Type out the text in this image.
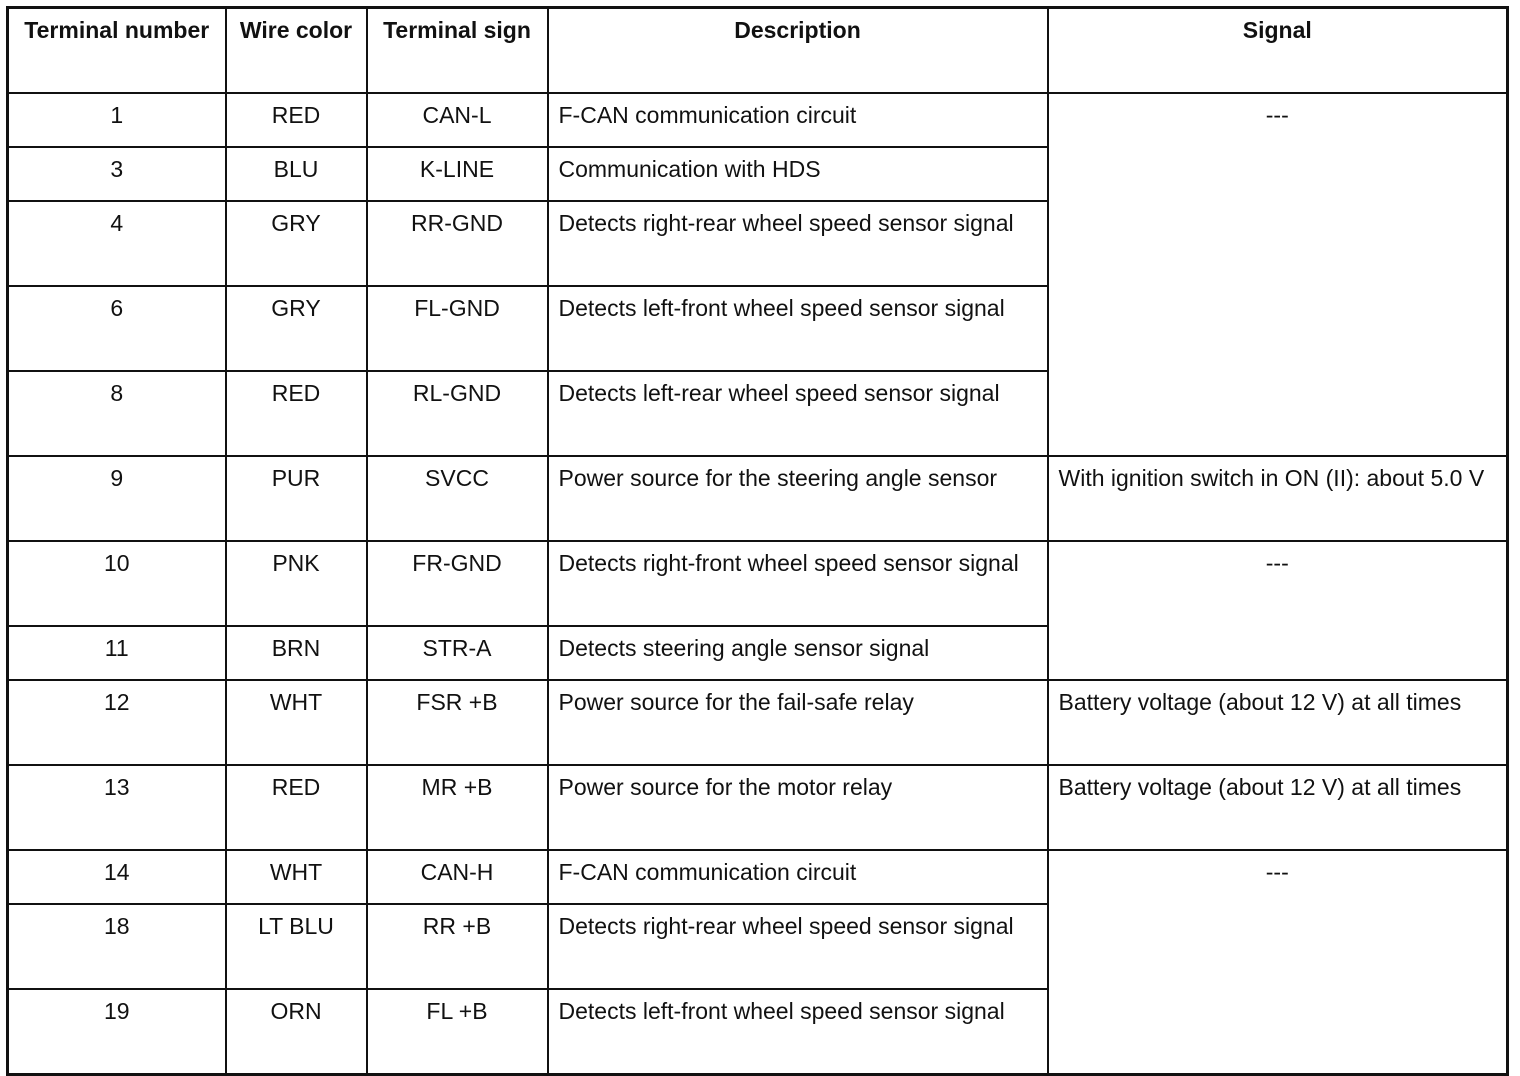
Terminal number	Wire color	Terminal sign	Description	Signal
1	RED	CAN-L	F-CAN communication circuit	---
3	BLU	K-LINE	Communication with HDS	
4	GRY	RR-GND	Detects right-rear wheel speed sensor signal	
6	GRY	FL-GND	Detects left-front wheel speed sensor signal	
8	RED	RL-GND	Detects left-rear wheel speed sensor signal	
9	PUR	SVCC	Power source for the steering angle sensor	With ignition switch in ON (II): about 5.0 V
10	PNK	FR-GND	Detects right-front wheel speed sensor signal	---
11	BRN	STR-A	Detects steering angle sensor signal	
12	WHT	FSR +B	Power source for the fail-safe relay	Battery voltage (about 12 V) at all times
13	RED	MR +B	Power source for the motor relay	Battery voltage (about 12 V) at all times
14	WHT	CAN-H	F-CAN communication circuit	---
18	LT BLU	RR +B	Detects right-rear wheel speed sensor signal	
19	ORN	FL +B	Detects left-front wheel speed sensor signal	
